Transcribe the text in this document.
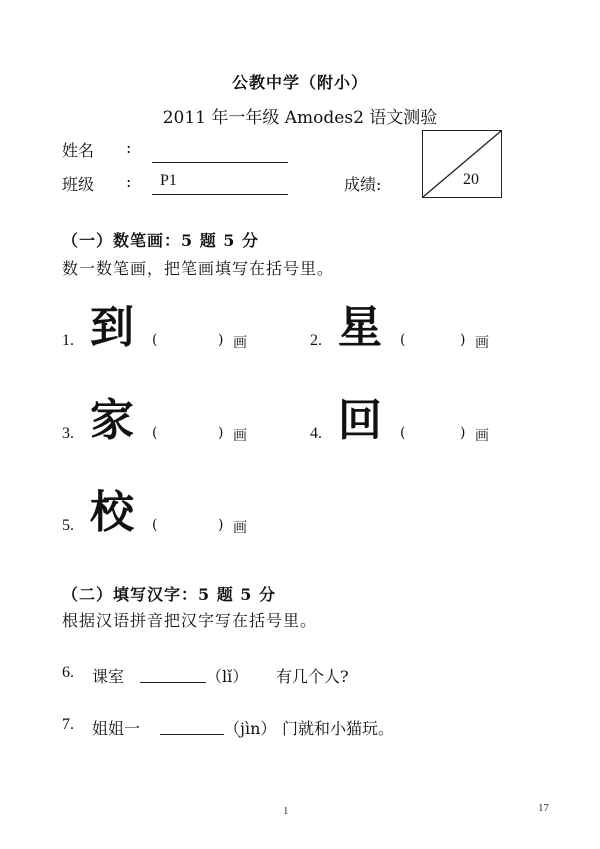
公教中学（附小）
2011 年一年级 Amodes2 语文测验
姓名 :
班级 : P1	成绩:	20
（一）数笔画：5 题 5 分
数一数笔画，把笔画填写在括号里。
1. 到 (	) 画	2. 星 (	) 画
3. 家 (	) 画	4. 回 (	) 画
5. 校 (	) 画
（二）填写汉字：5 题 5 分
根据汉语拼音把汉字写在括号里。
6. 课室	（lǐ） 有几个人?
7. 姐姐一	（jìn） 门就和小猫玩。
1	17
